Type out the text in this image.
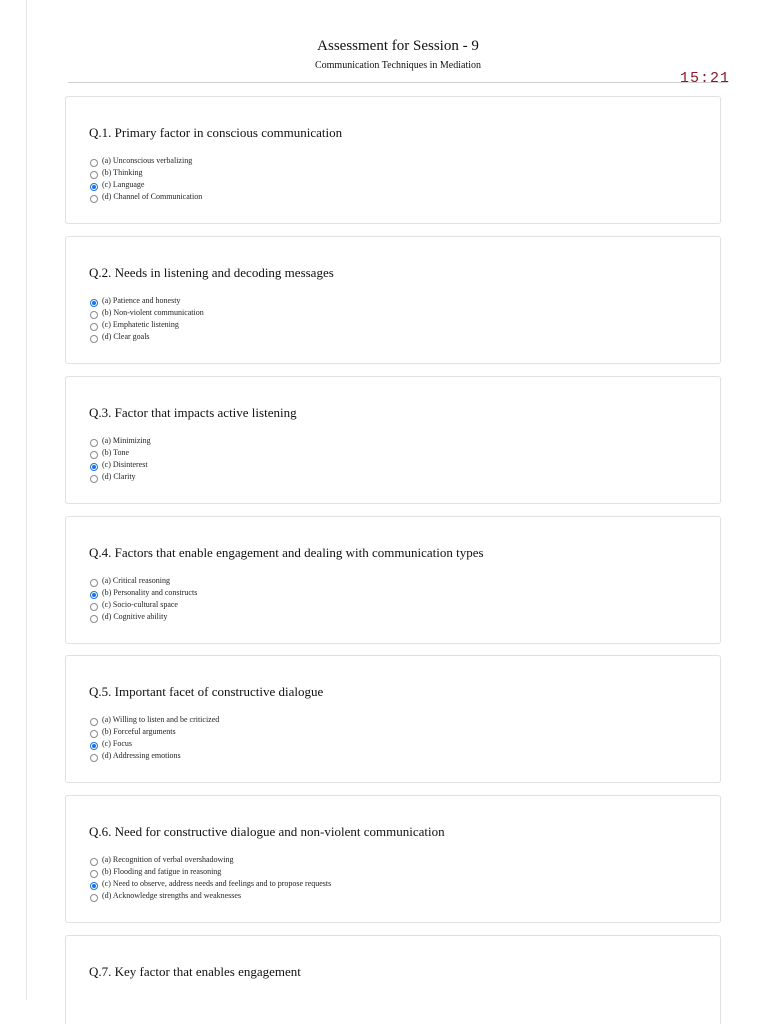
Assessment for Session - 9
Communication Techniques in Mediation
15:21
Q.1. Primary factor in conscious communication
(a) Unconscious verbalizing
(b) Thinking
(c) Language
(d) Channel of Communication
Q.2. Needs in listening and decoding messages
(a) Patience and honesty
(b) Non-violent communication
(c) Emphatetic listening
(d) Clear goals
Q.3. Factor that impacts active listening
(a) Minimizing
(b) Tone
(c) Disinterest
(d) Clarity
Q.4. Factors that enable engagement and dealing with communication types
(a) Critical reasoning
(b) Personality and constructs
(c) Socio-cultural space
(d) Cognitive ability
Q.5. Important facet of constructive dialogue
(a) Willing to listen and be criticized
(b) Forceful arguments
(c) Focus
(d) Addressing emotions
Q.6. Need for constructive dialogue and non-violent communication
(a) Recognition of verbal overshadowing
(b) Flooding and fatigue in reasoning
(c) Need to observe, address needs and feelings and to propose requests
(d) Acknowledge strengths and weaknesses
Q.7. Key factor that enables engagement
